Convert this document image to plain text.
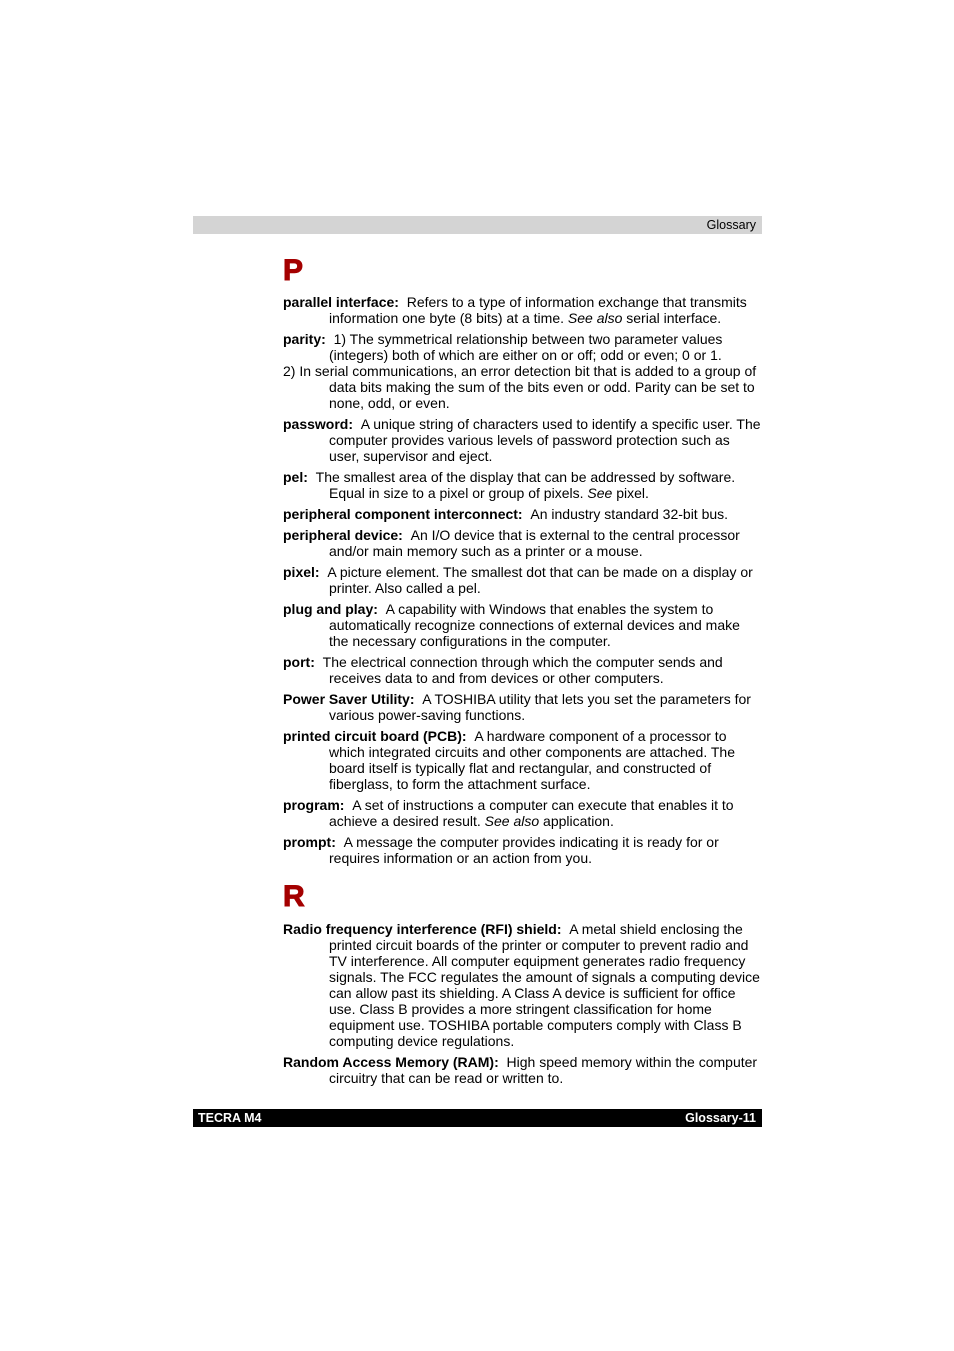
Glossary
P

parallel interface: Refers to a type of information exchange that transmits information one byte (8 bits) at a time. See also serial interface.

parity: 1) The symmetrical relationship between two parameter values (integers) both of which are either on or off; odd or even; 0 or 1.
2) In serial communications, an error detection bit that is added to a group of data bits making the sum of the bits even or odd. Parity can be set to none, odd, or even.

password: A unique string of characters used to identify a specific user. The computer provides various levels of password protection such as user, supervisor and eject.

pel: The smallest area of the display that can be addressed by software. Equal in size to a pixel or group of pixels. See pixel.

peripheral component interconnect: An industry standard 32-bit bus.

peripheral device: An I/O device that is external to the central processor and/or main memory such as a printer or a mouse.

pixel: A picture element. The smallest dot that can be made on a display or printer. Also called a pel.

plug and play: A capability with Windows that enables the system to automatically recognize connections of external devices and make the necessary configurations in the computer.

port: The electrical connection through which the computer sends and receives data to and from devices or other computers.

Power Saver Utility: A TOSHIBA utility that lets you set the parameters for various power-saving functions.

printed circuit board (PCB): A hardware component of a processor to which integrated circuits and other components are attached. The board itself is typically flat and rectangular, and constructed of fiberglass, to form the attachment surface.

program: A set of instructions a computer can execute that enables it to achieve a desired result. See also application.

prompt: A message the computer provides indicating it is ready for or requires information or an action from you.

R

Radio frequency interference (RFI) shield: A metal shield enclosing the printed circuit boards of the printer or computer to prevent radio and TV interference. All computer equipment generates radio frequency signals. The FCC regulates the amount of signals a computing device can allow past its shielding. A Class A device is sufficient for office use. Class B provides a more stringent classification for home equipment use. TOSHIBA portable computers comply with Class B computing device regulations.

Random Access Memory (RAM): High speed memory within the computer circuitry that can be read or written to.

TECRA M4	Glossary-11
